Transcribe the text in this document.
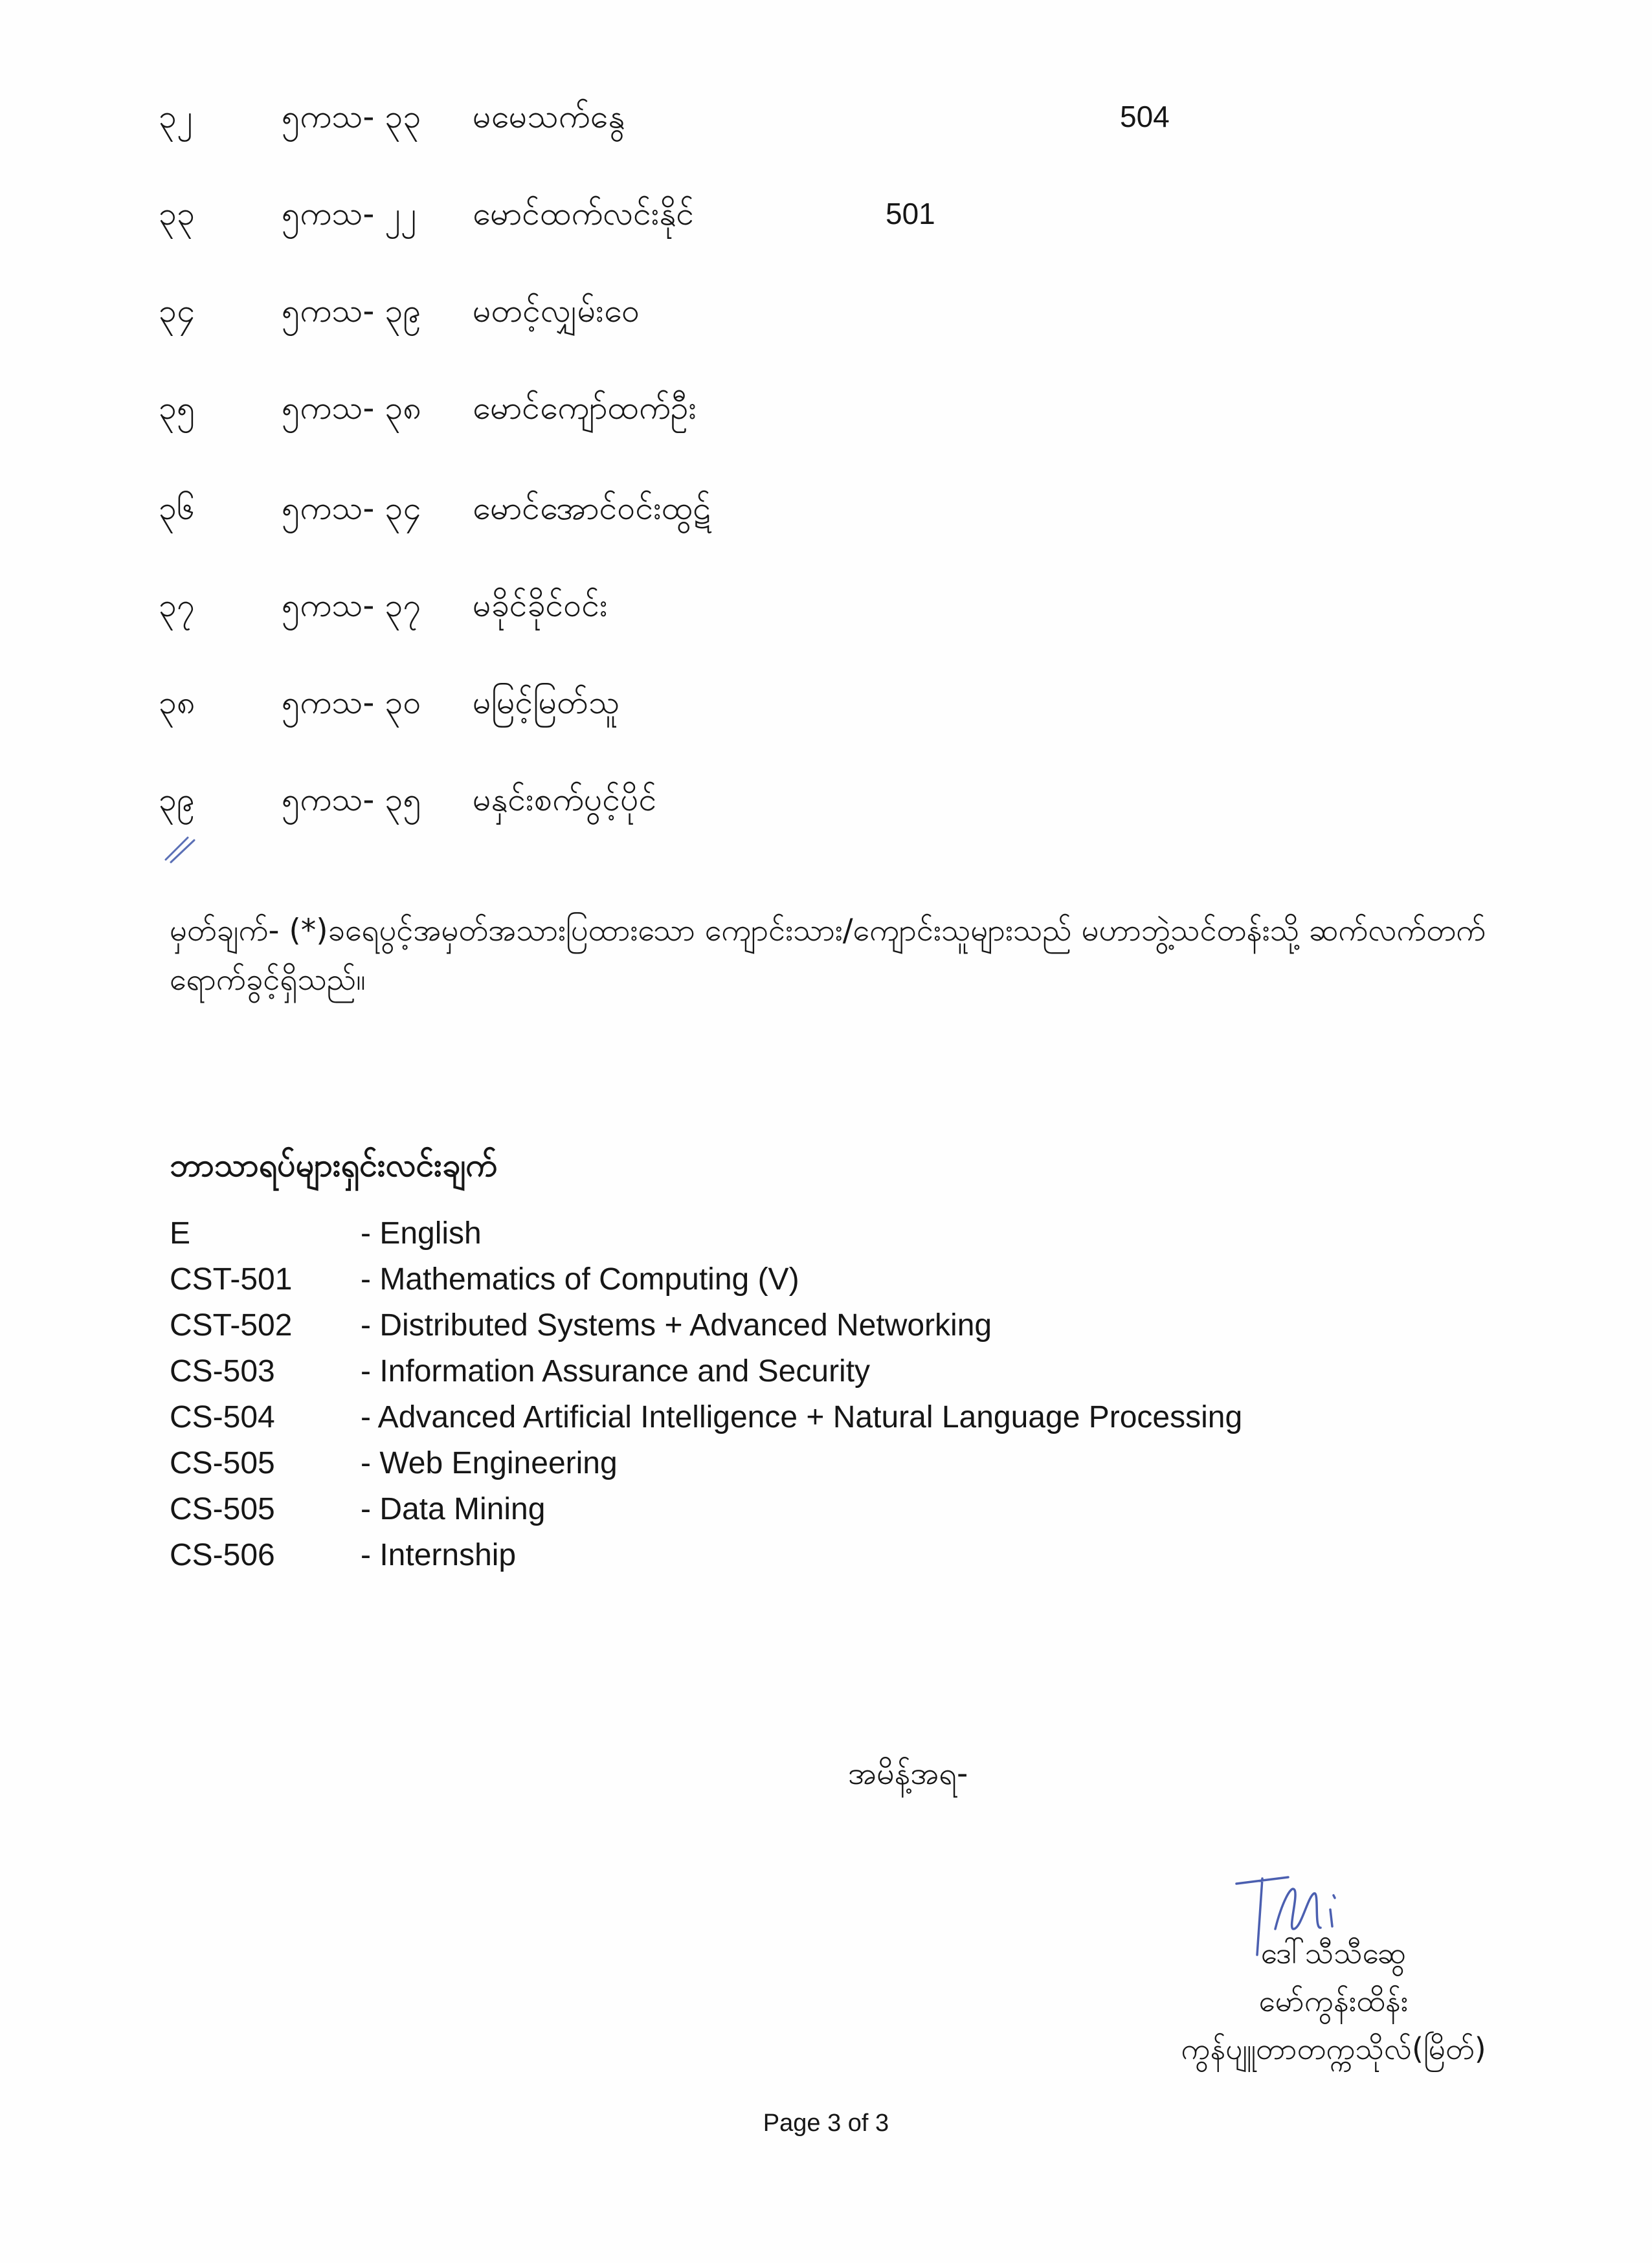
၃၂	၅ကသ- ၃၃ မမေသက်နွေ	504
၃၃	၅ကသ- ၂၂ မောင်ထက်လင်းနိုင်	501
၃၄	၅ကသ- ၃၉ မတင့်လျှမ်းဝေ
၃၅	၅ကသ- ၃၈ မောင်ကျော်ထက်ဦး
၃၆	၅ကသ- ၃၄ မောင်အောင်ဝင်းထွဋ်
၃၇	၅ကသ- ၃၇ မခိုင်ခိုင်ဝင်း
၃၈	၅ကသ- ၃၀ မမြင့်မြတ်သူ
၃၉	၅ကသ- ၃၅ မနှင်းစက်ပွင့်ပိုင်
မှတ်ချက်- (*)ခရေပွင့်အမှတ်အသားပြထားသော ကျောင်းသား/ကျောင်းသူများသည် မဟာဘွဲ့သင်တန်းသို့ ဆက်လက်တက်ရောက်ခွင့်ရှိသည်။
ဘာသာရပ်များရှင်းလင်းချက်
E	- English
CST-501 - Mathematics of Computing (V)
CST-502 - Distributed Systems + Advanced Networking
CS-503	- Information Assurance and Security
CS-504	- Advanced Artificial Intelligence + Natural Language Processing
CS-505	- Web Engineering
CS-505	- Data Mining
CS-506	- Internship
အမိန့်အရ-
ဒေါ်သီသီဆွေ
မော်ကွန်းထိန်း
ကွန်ပျူတာတက္ကသိုလ်(မြိတ်)
Page 3 of 3
